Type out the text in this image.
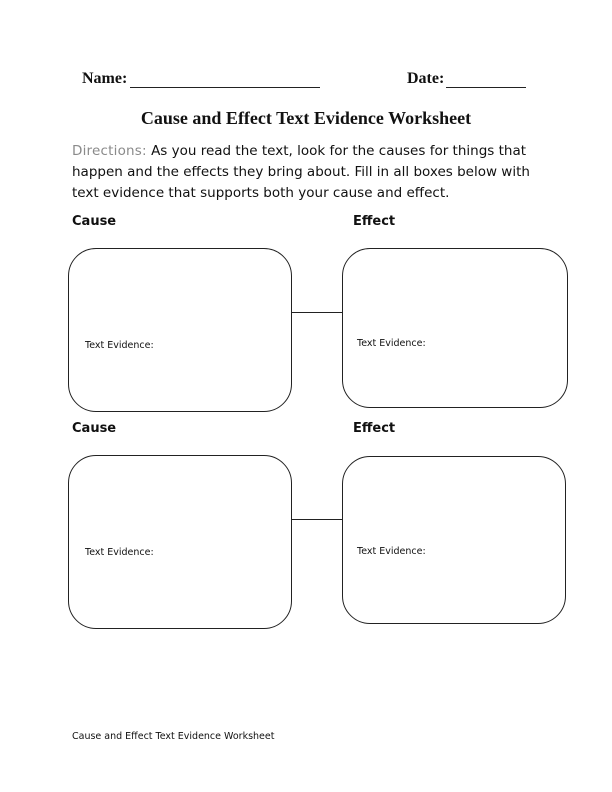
Name:	Date:
Cause and Effect Text Evidence Worksheet
Directions: As you read the text, look for the causes for things that happen and the effects they bring about. Fill in all boxes below with text evidence that supports both your cause and effect.
Cause	Effect
Text Evidence:	Text Evidence:
Cause	Effect
Text Evidence:	Text Evidence:
Cause and Effect Text Evidence Worksheet
